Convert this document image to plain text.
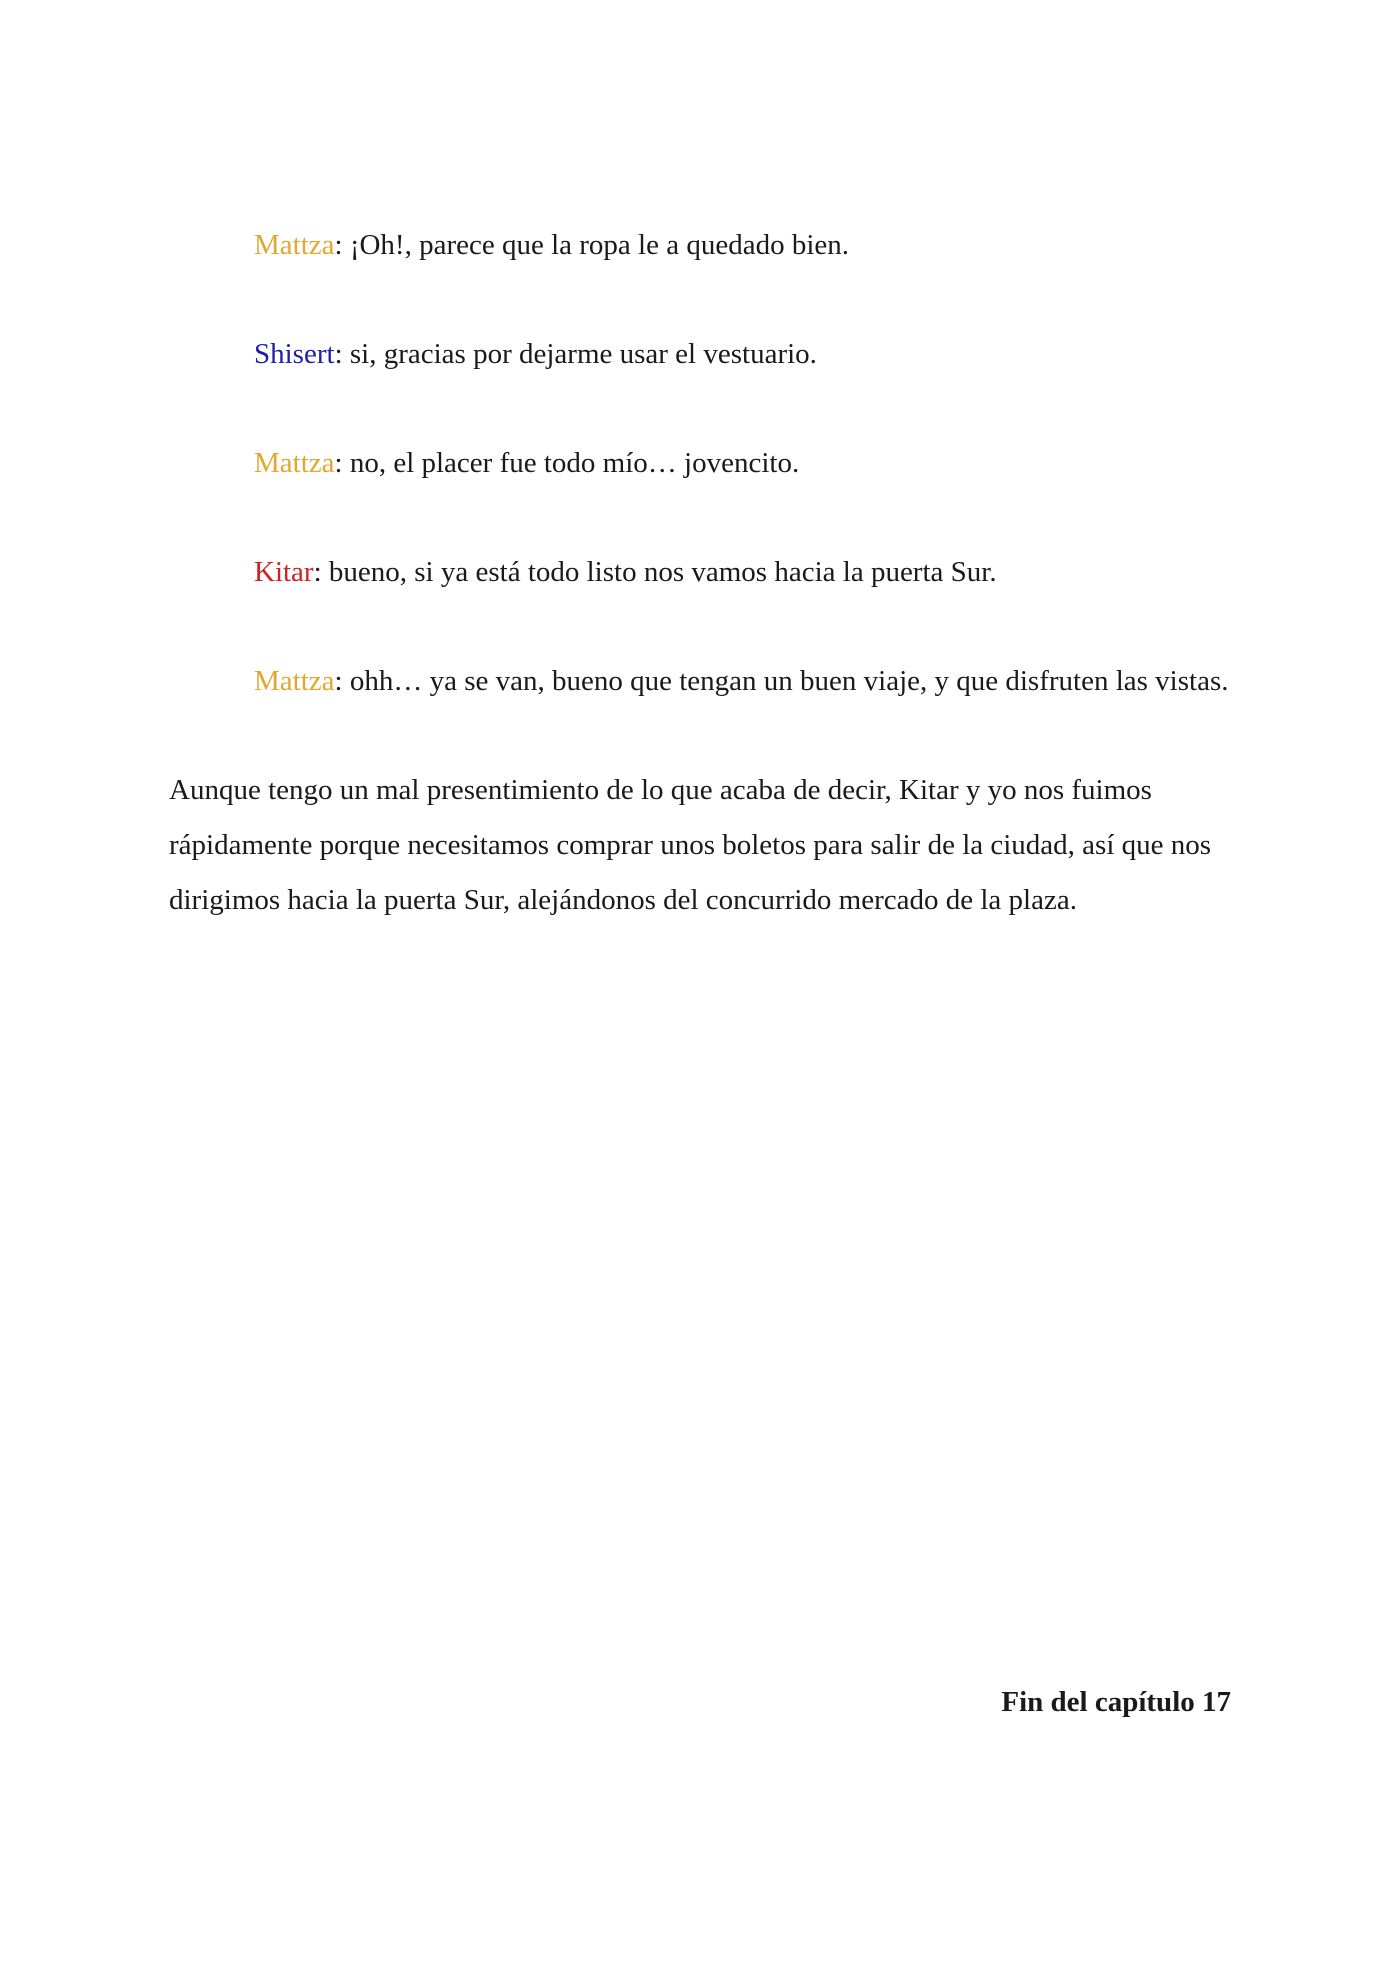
Mattza: ¡Oh!, parece que la ropa le a quedado bien.

Shisert: si, gracias por dejarme usar el vestuario.

Mattza: no, el placer fue todo mío… jovencito.

Kitar: bueno, si ya está todo listo nos vamos hacia la puerta Sur.

Mattza: ohh… ya se van, bueno que tengan un buen viaje, y que disfruten las vistas.

Aunque tengo un mal presentimiento de lo que acaba de decir, Kitar y yo nos fuimos rápidamente porque necesitamos comprar unos boletos para salir de la ciudad, así que nos dirigimos hacia la puerta Sur, alejándonos del concurrido mercado de la plaza.

Fin del capítulo 17
